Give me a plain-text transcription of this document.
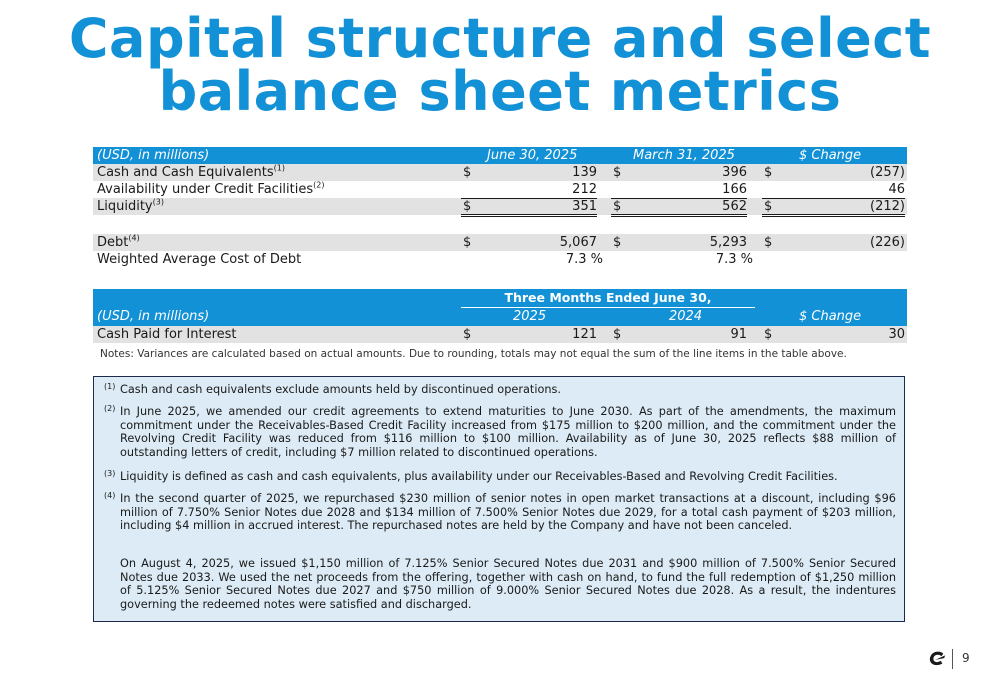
Capital structure and select
balance sheet metrics
(USD, in millions)	June 30, 2025	March 31, 2025	$ Change
Cash and Cash Equivalents$^{(1)}$	$	139 $	396 $	(257)
Availability under Credit Facilities$^{(2)}$	212	166	46
Liquidity$^{(3)}$	$	351 $	562 $	(212)
Debt$^{(4)}$	$	5,067 $	5,293 $	(226)
Weighted Average Cost of Debt	7.3 %	7.3 %
Three Months Ended June 30,
(USD, in millions)	2025	2024	$ Change
Cash Paid for Interest	$	121 $	91 $	30
Notes: Variances are calculated based on actual amounts. Due to rounding, totals may not equal the sum of the line items in the table above.
(1) Cash and cash equivalents exclude amounts held by discontinued operations.
(2) In June 2025, we amended our credit agreements to extend maturities to June 2030. As part of the amendments, the maximum commitment under the Receivables-Based Credit Facility increased from $175 million to $200 million, and the commitment under the Revolving Credit Facility was reduced from $116 million to $100 million. Availability as of June 30, 2025 reflects $88 million of outstanding letters of credit, including $7 million related to discontinued operations.
(3) Liquidity is defined as cash and cash equivalents, plus availability under our Receivables-Based and Revolving Credit Facilities.
(4) In the second quarter of 2025, we repurchased $230 million of senior notes in open market transactions at a discount, including $96 million of 7.750% Senior Notes due 2028 and $134 million of 7.500% Senior Notes due 2029, for a total cash payment of $203 million, including $4 million in accrued interest. The repurchased notes are held by the Company and have not been canceled.
On August 4, 2025, we issued $1,150 million of 7.125% Senior Secured Notes due 2031 and $900 million of 7.500% Senior Secured Notes due 2033. We used the net proceeds from the offering, together with cash on hand, to fund the full redemption of $1,250 million of 5.125% Senior Secured Notes due 2027 and $750 million of 9.000% Senior Secured Notes due 2028. As a result, the indentures governing the redeemed notes were satisfied and discharged.
9
